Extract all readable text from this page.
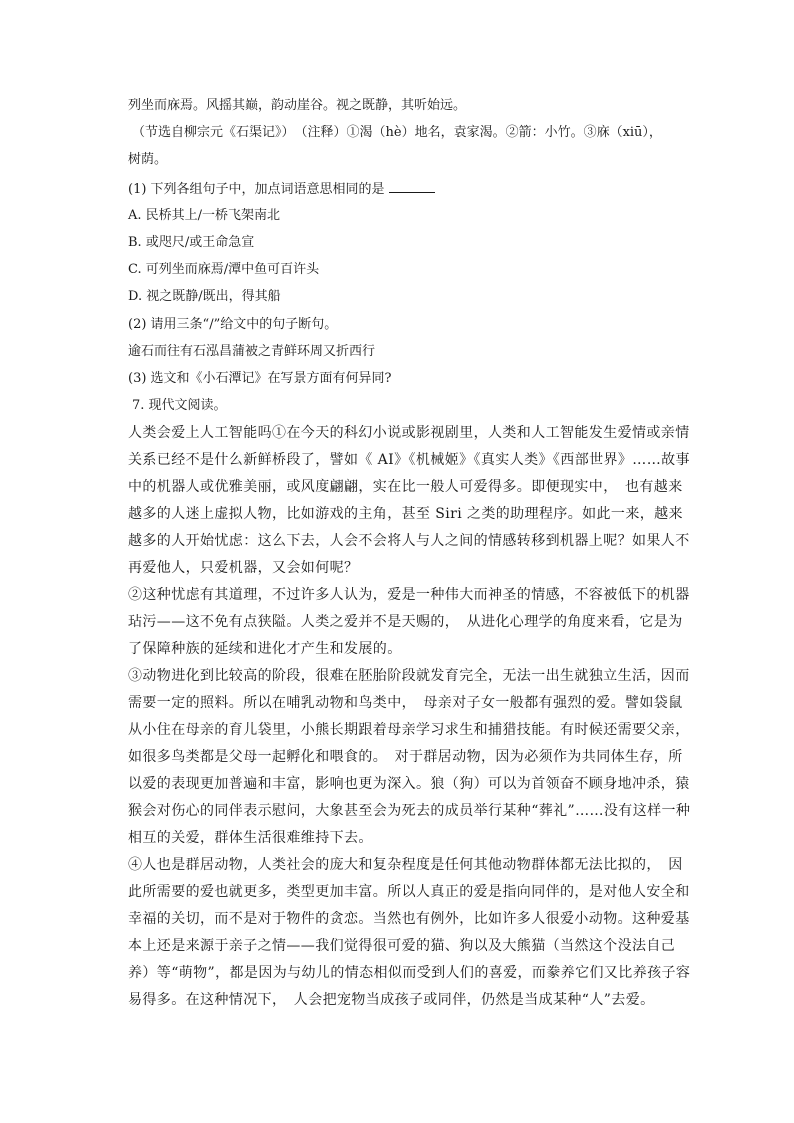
列坐而庥焉。风摇其巅，韵动崖谷。视之既静，其听始远。
（节选自柳宗元《石渠记》）　（注释）①渴（hè）地名，袁家渴。②箭：小竹。③庥（xiū），
树荫。
(1) 下列各组句子中，加点词语意思相同的是
A. 民桥其上/一桥飞架南北
B. 或咫尺/或王命急宣
C. 可列坐而庥焉/潭中鱼可百许头
D. 视之既静/既出，得其船
(2) 请用三条“/”给文中的句子断句。
逾石而往有石泓昌蒲被之青鲜环周又折西行
(3) 选文和《小石潭记》在写景方面有何异同?
7. 现代文阅读。
人类会爱上人工智能吗①在今天的科幻小说或影视剧里，人类和人工智能发生爱情或亲情关系已经不是什么新鲜桥段了，譬如《 AI》《机械姬》《真实人类》《西部世界》……故事中的机器人或优雅美丽，或风度翩翩，实在比一般人可爱得多。即便现实中，　也有越来越多的人迷上虚拟人物，比如游戏的主角，甚至 Siri 之类的助理程序。如此一来，越来越多的人开始忧虑：这么下去，人会不会将人与人之间的情感转移到机器上呢？如果人不再爱他人，只爱机器，又会如何呢？
②这种忧虑有其道理，不过许多人认为，爱是一种伟大而神圣的情感，不容被低下的机器玷污——这不免有点狭隘。人类之爱并不是天赐的，　从进化心理学的角度来看，它是为了保障种族的延续和进化才产生和发展的。
③动物进化到比较高的阶段，很难在胚胎阶段就发育完全，无法一出生就独立生活，因而需要一定的照料。所以在哺乳动物和鸟类中，　母亲对子女一般都有强烈的爱。譬如袋鼠从小住在母亲的育儿袋里，小熊长期跟着母亲学习求生和捕猎技能。有时候还需要父亲，如很多鸟类都是父母一起孵化和喂食的。　对于群居动物，因为必须作为共同体生存，所以爱的表现更加普遍和丰富，影响也更为深入。狼（狗）可以为首领奋不顾身地冲杀，猿猴会对伤心的同伴表示慰问，大象甚至会为死去的成员举行某种“葬礼”……没有这样一种相互的关爱，群体生活很难维持下去。
④人也是群居动物，人类社会的庞大和复杂程度是任何其他动物群体都无法比拟的，　因此所需要的爱也就更多，类型更加丰富。所以人真正的爱是指向同伴的，是对他人安全和幸福的关切，而不是对于物件的贪恋。当然也有例外，比如许多人很爱小动物。这种爱基本上还是来源于亲子之情——我们觉得很可爱的猫、狗以及大熊猫（当然这个没法自己养）等“萌物”，都是因为与幼儿的情态相似而受到人们的喜爱，而豢养它们又比养孩子容易得多。在这种情况下，　人会把宠物当成孩子或同伴，仍然是当成某种“人”去爱。
